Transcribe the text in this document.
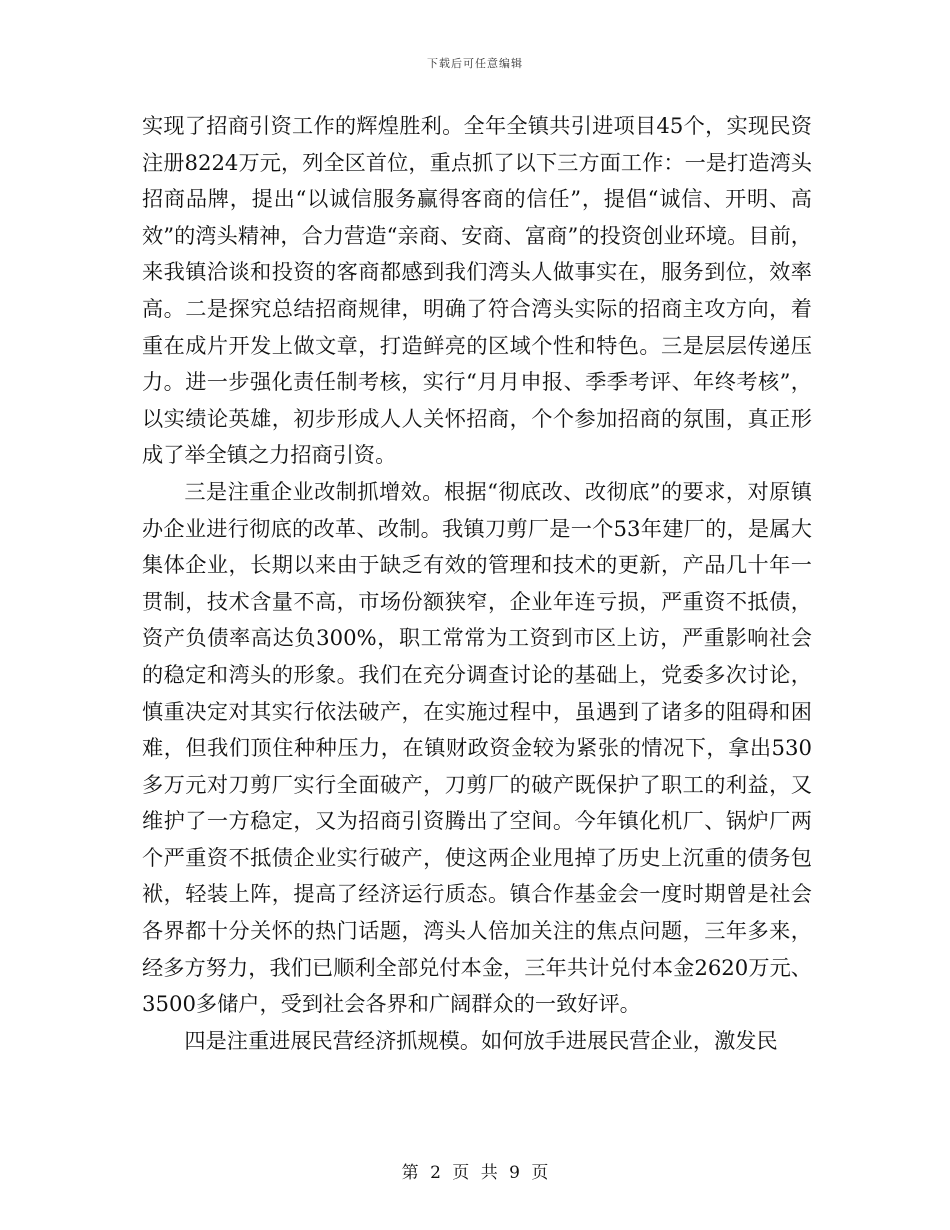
下载后可任意编辑

实现了招商引资工作的辉煌胜利。全年全镇共引进项目45个，实现民资注册8224万元，列全区首位，重点抓了以下三方面工作：一是打造湾头招商品牌，提出“以诚信服务赢得客商的信任”，提倡“诚信、开明、高效”的湾头精神，合力营造“亲商、安商、富商”的投资创业环境。目前，来我镇洽谈和投资的客商都感到我们湾头人做事实在，服务到位，效率高。二是探究总结招商规律，明确了符合湾头实际的招商主攻方向，着重在成片开发上做文章，打造鲜亮的区域个性和特色。三是层层传递压力。进一步强化责任制考核，实行“月月申报、季季考评、年终考核”，以实绩论英雄，初步形成人人关怀招商，个个参加招商的氛围，真正形成了举全镇之力招商引资。

三是注重企业改制抓增效。根据“彻底改、改彻底”的要求，对原镇办企业进行彻底的改革、改制。我镇刀剪厂是一个53年建厂的，是属大集体企业，长期以来由于缺乏有效的管理和技术的更新，产品几十年一贯制，技术含量不高，市场份额狭窄，企业年连亏损，严重资不抵债，资产负债率高达负300%，职工常常为工资到市区上访，严重影响社会的稳定和湾头的形象。我们在充分调查讨论的基础上，党委多次讨论，慎重决定对其实行依法破产，在实施过程中，虽遇到了诸多的阻碍和困难，但我们顶住种种压力，在镇财政资金较为紧张的情况下，拿出530多万元对刀剪厂实行全面破产，刀剪厂的破产既保护了职工的利益，又维护了一方稳定，又为招商引资腾出了空间。今年镇化机厂、锅炉厂两个严重资不抵债企业实行破产，使这两企业甩掉了历史上沉重的债务包袱，轻装上阵，提高了经济运行质态。镇合作基金会一度时期曾是社会各界都十分关怀的热门话题，湾头人倍加关注的焦点问题，三年多来，经多方努力，我们已顺利全部兑付本金，三年共计兑付本金2620万元、3500多储户，受到社会各界和广阔群众的一致好评。

四是注重进展民营经济抓规模。如何放手进展民营企业，激发民

第 2 页 共 9 页
